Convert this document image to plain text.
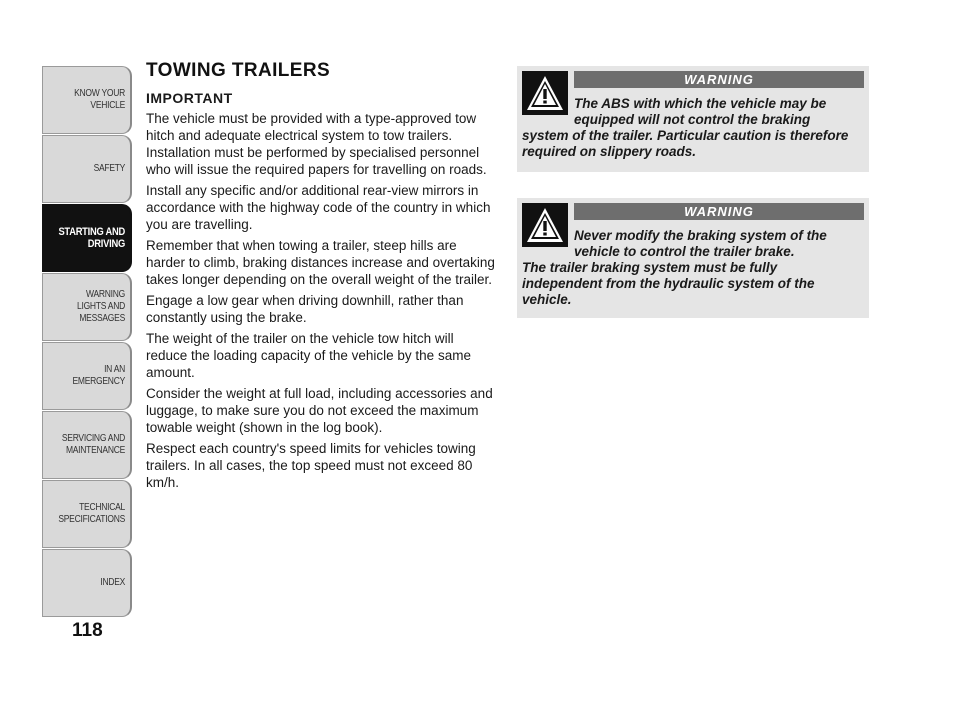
KNOW YOUR VEHICLE
SAFETY
STARTING AND DRIVING
WARNING LIGHTS AND MESSAGES
IN AN EMERGENCY
SERVICING AND MAINTENANCE
TECHNICAL SPECIFICATIONS
INDEX
118
TOWING TRAILERS
IMPORTANT

The vehicle must be provided with a type-approved tow hitch and adequate electrical system to tow trailers. Installation must be performed by specialised personnel who will issue the required papers for travelling on roads.

Install any specific and/or additional rear-view mirrors in accordance with the highway code of the country in which you are travelling.

Remember that when towing a trailer, steep hills are harder to climb, braking distances increase and overtaking takes longer depending on the overall weight of the trailer.

Engage a low gear when driving downhill, rather than constantly using the brake.

The weight of the trailer on the vehicle tow hitch will reduce the loading capacity of the vehicle by the same amount.

Consider the weight at full load, including accessories and luggage, to make sure you do not exceed the maximum towable weight (shown in the log book).

Respect each country's speed limits for vehicles towing trailers. In all cases, the top speed must not exceed 80 km/h.

WARNING
The ABS with which the vehicle may be equipped will not control the braking
system of the trailer. Particular caution is therefore required on slippery roads.
WARNING
Never modify the braking system of the vehicle to control the trailer brake.
The trailer braking system must be fully independent from the hydraulic system of the vehicle.
